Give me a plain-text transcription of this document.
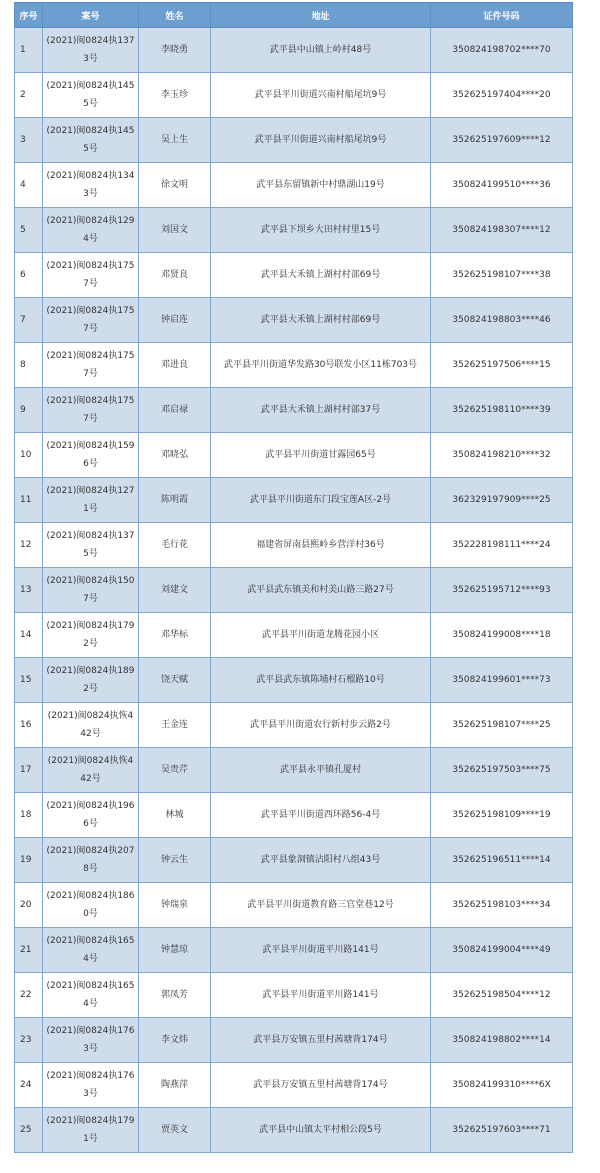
序号	案号	姓名	地址	证件号码
1	(2021)闽0824执1373号	李晓勇	武平县中山镇上岭村48号	350824198702****70
2	(2021)闽0824执1455号	李玉珍	武平县平川街道兴南村船尾坑9号	352625197404****20
3	(2021)闽0824执1455号	吴上生	武平县平川街道兴南村船尾坑9号	352625197609****12
4	(2021)闽0824执1343号	徐文明	武平县东留镇新中村鼎湖山19号	350824199510****36
5	(2021)闽0824执1294号	刘国文	武平县下坝乡大田村村里15号	350824198307****12
6	(2021)闽0824执1757号	邓贤良	武平县大禾镇上湖村村部69号	352625198107****38
7	(2021)闽0824执1757号	钟启连	武平县大禾镇上湖村村部69号	350824198803****46
8	(2021)闽0824执1757号	邓进良	武平县平川街道华发路30号联发小区11栋703号	352625197506****15
9	(2021)闽0824执1757号	邓启禄	武平县大禾镇上湖村村部37号	352625198110****39
10	(2021)闽0824执1596号	邓晓弘	武平县平川街道甘露园65号	350824198210****32
11	(2021)闽0824执1271号	陈明霞	武平县平川街道东门段宝莲A区-2号	362329197909****25
12	(2021)闽0824执1375号	毛行花	福建省屏南县熙岭乡营洋村36号	352228198111****24
13	(2021)闽0824执1507号	刘建文	武平县武东镇美和村美山路三路27号	352625195712****93
14	(2021)闽0824执1792号	邓华标	武平县平川街道龙腾花园小区	350824199008****18
15	(2021)闽0824执1892号	饶天赋	武平县武东镇陈埔村石榴路10号	350824199601****73
16	(2021)闽0824执恢442号	王金连	武平县平川街道农行新村步云路2号	352625198107****25
17	(2021)闽0824执恢442号	吴贵芹	武平县永平镇孔厦村	352625197503****75
18	(2021)闽0824执1966号	林城	武平县平川街道西环路56-4号	352625198109****19
19	(2021)闽0824执2078号	钟云生	武平县象洞镇沾阳村八组43号	352625196511****14
20	(2021)闽0824执1860号	钟瑞泉	武平县平川街道教育路三官堂巷12号	352625198103****34
21	(2021)闽0824执1654号	钟慧琼	武平县平川街道平川路141号	350824199004****49
22	(2021)闽0824执1654号	郭凤芳	武平县平川街道平川路141号	352625198504****12
23	(2021)闽0824执1763号	李文炜	武平县万安镇五里村茜塘背174号	350824198802****14
24	(2021)闽0824执1763号	陶燕萍	武平县万安镇五里村茜塘背174号	350824199310****6X
25	(2021)闽0824执1791号	贾英文	武平县中山镇太平村相公段5号	352625197603****71
